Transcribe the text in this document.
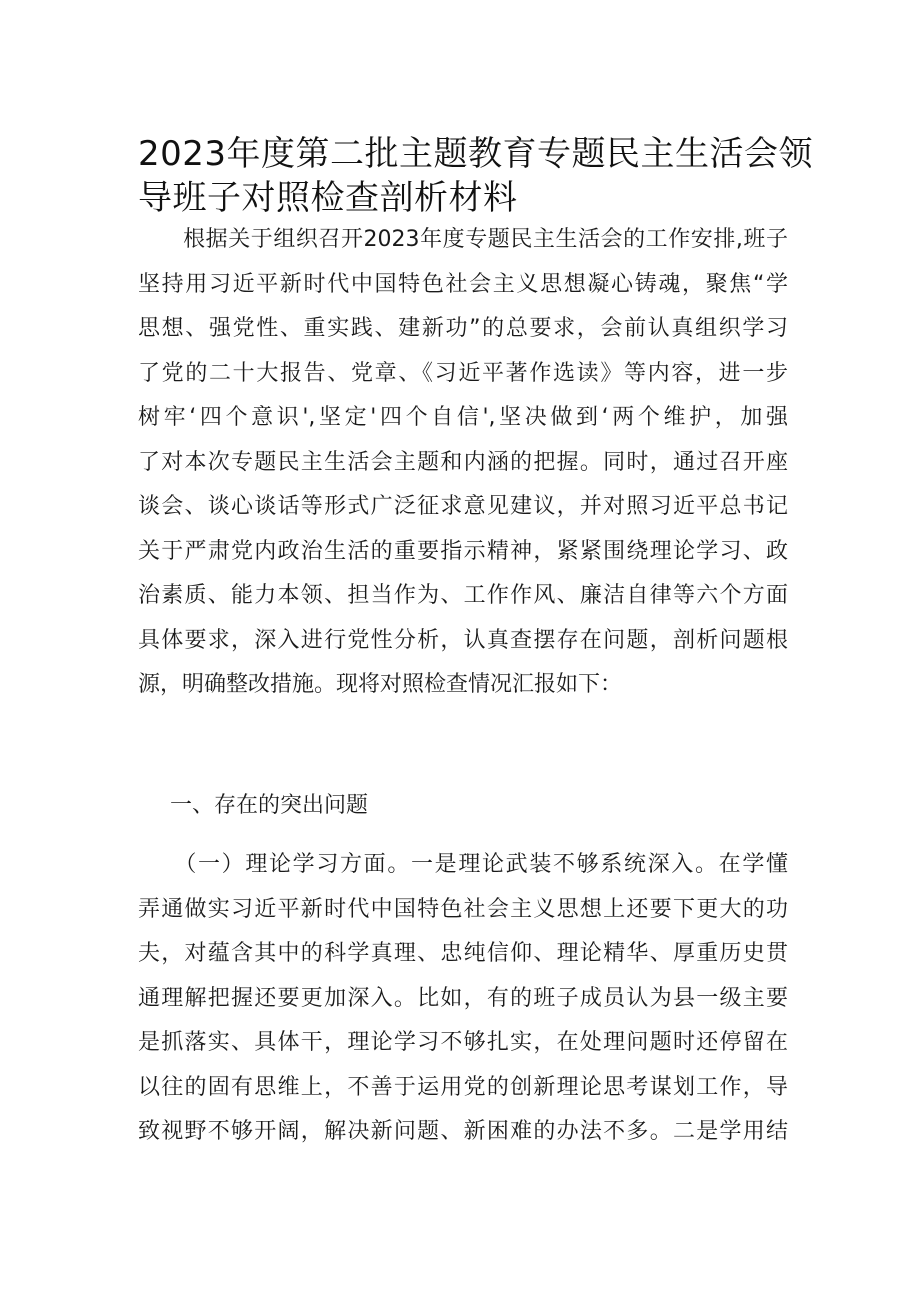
2023年度第二批主题教育专题民主生活会领
导班子对照检查剖析材料
　　根据关于组织召开2023年度专题民主生活会的工作安排,班子
坚持用习近平新时代中国特色社会主义思想凝心铸魂，聚焦“学
思想、强党性、重实践、建新功”的总要求，会前认真组织学习
了党的二十大报告、党章、《习近平著作选读》等内容，进一步
树牢‘四个意识',坚定'四个自信',坚决做到‘两个维护，加强
了对本次专题民主生活会主题和内涵的把握。同时，通过召开座
谈会、谈心谈话等形式广泛征求意见建议，并对照习近平总书记
关于严肃党内政治生活的重要指示精神，紧紧围绕理论学习、政
治素质、能力本领、担当作为、工作作风、廉洁自律等六个方面
具体要求，深入进行党性分析，认真查摆存在问题，剖析问题根
源，明确整改措施。现将对照检查情况汇报如下：
一、存在的突出问题
　　（一）理论学习方面。一是理论武装不够系统深入。在学懂
弄通做实习近平新时代中国特色社会主义思想上还要下更大的功
夫，对蕴含其中的科学真理、忠纯信仰、理论精华、厚重历史贯
通理解把握还要更加深入。比如，有的班子成员认为县一级主要
是抓落实、具体干，理论学习不够扎实，在处理问题时还停留在
以往的固有思维上，不善于运用党的创新理论思考谋划工作，导
致视野不够开阔，解决新问题、新困难的办法不多。二是学用结
